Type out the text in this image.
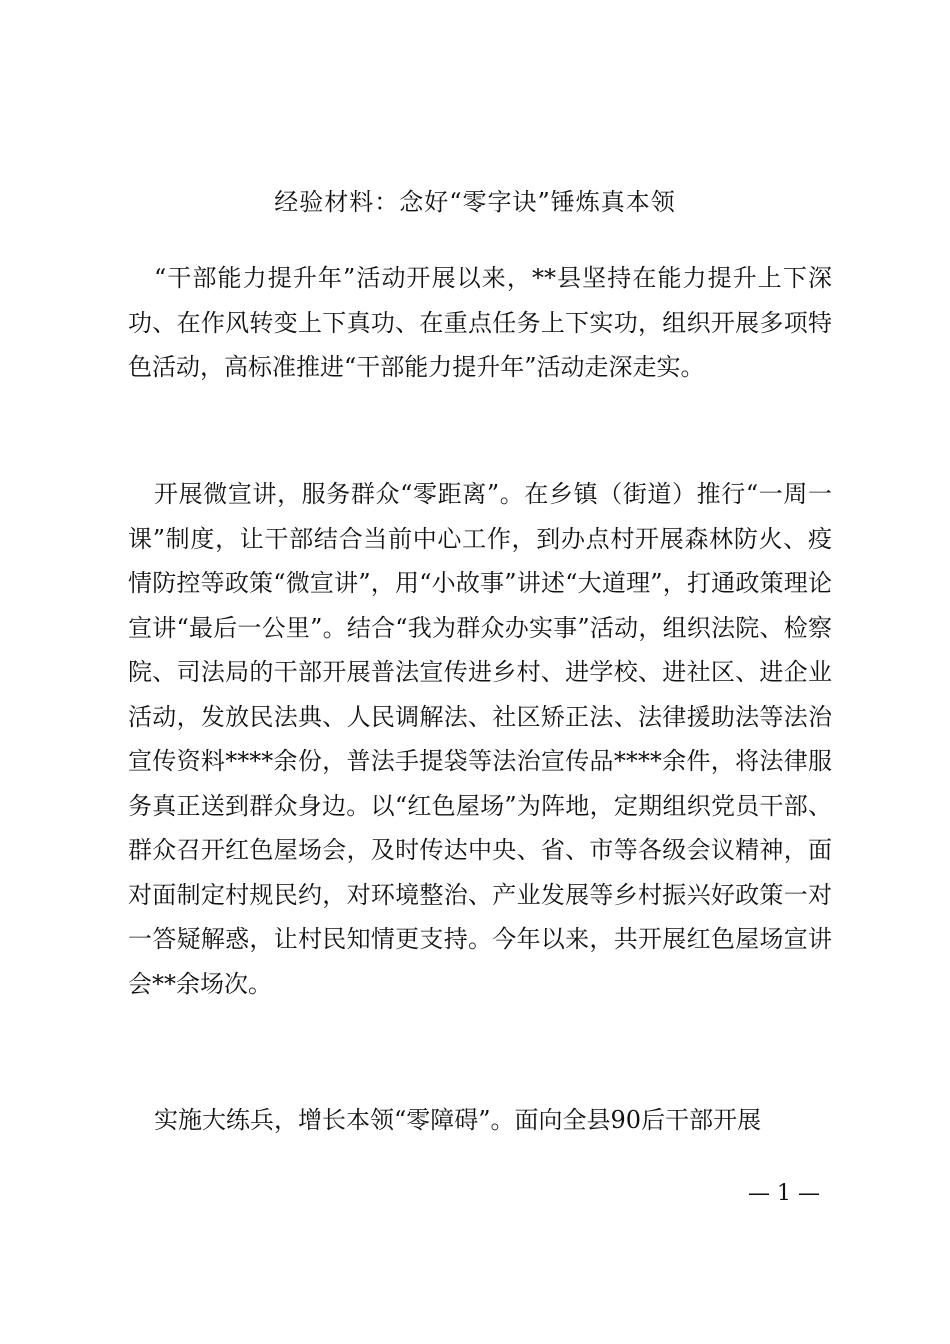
经验材料：念好“零字诀”锤炼真本领

“干部能力提升年”活动开展以来，**县坚持在能力提升上下深功、在作风转变上下真功、在重点任务上下实功，组织开展多项特色活动，高标准推进“干部能力提升年”活动走深走实。

开展微宣讲，服务群众“零距离”。在乡镇（街道）推行“一周一课”制度，让干部结合当前中心工作，到办点村开展森林防火、疫情防控等政策“微宣讲”，用“小故事”讲述“大道理”，打通政策理论宣讲“最后一公里”。结合“我为群众办实事”活动，组织法院、检察院、司法局的干部开展普法宣传进乡村、进学校、进社区、进企业活动，发放民法典、人民调解法、社区矫正法、法律援助法等法治宣传资料****余份，普法手提袋等法治宣传品****余件，将法律服务真正送到群众身边。以“红色屋场”为阵地，定期组织党员干部、群众召开红色屋场会，及时传达中央、省、市等各级会议精神，面对面制定村规民约，对环境整治、产业发展等乡村振兴好政策一对一答疑解惑，让村民知情更支持。今年以来，共开展红色屋场宣讲会**余场次。

实施大练兵，增长本领“零障碍”。面向全县90后干部开展

— 1 —
